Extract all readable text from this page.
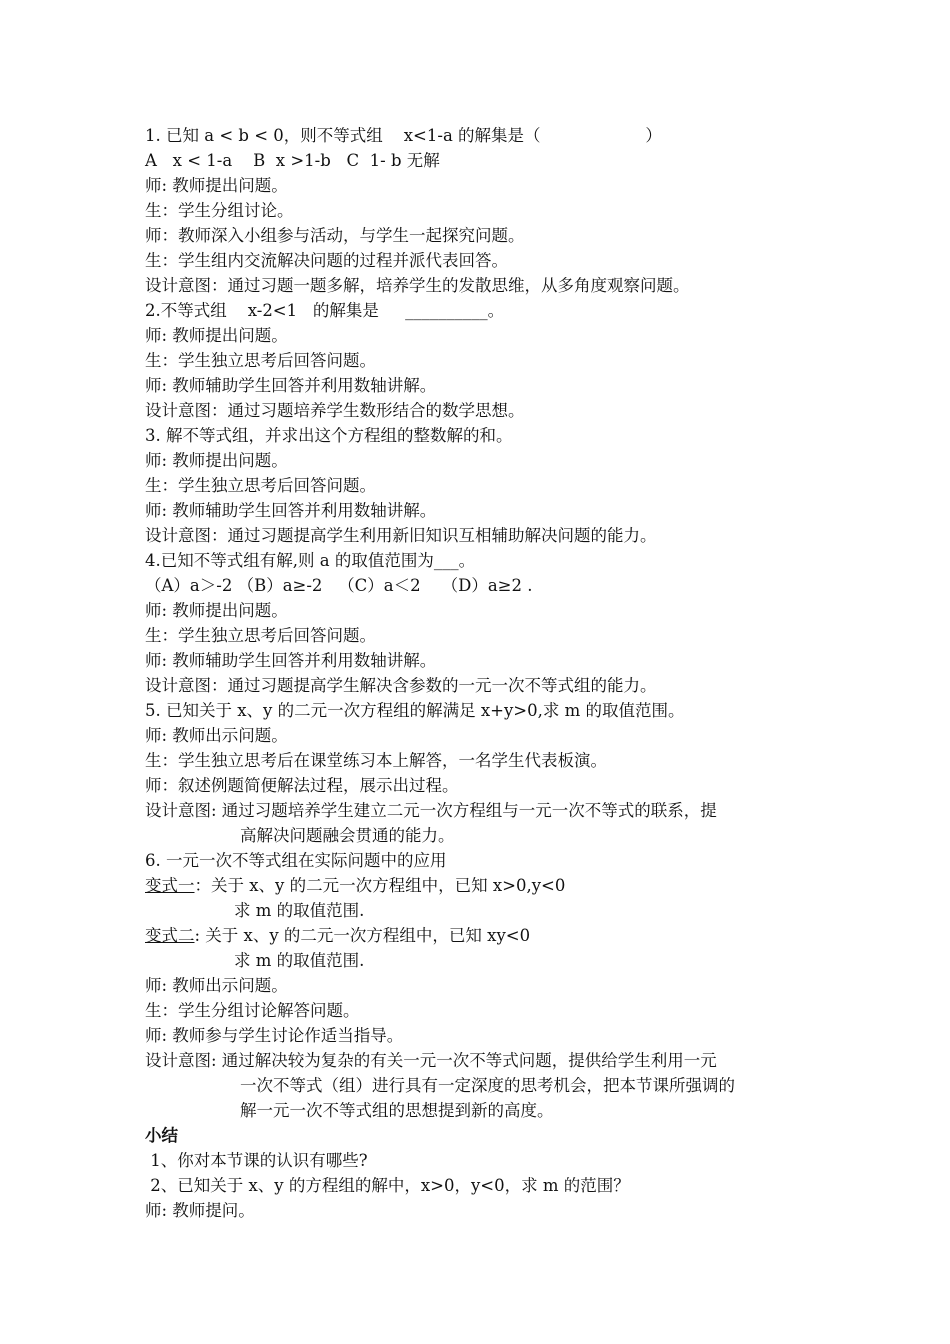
1. 已知 a < b < 0，则不等式组    x<1-a 的解集是（                    ）
A   x < 1-a    B  x >1-b   C  1- b 无解
师: 教师提出问题。
生：学生分组讨论。
师：教师深入小组参与活动，与学生一起探究问题。
生：学生组内交流解决问题的过程并派代表回答。
设计意图：通过习题一题多解，培养学生的发散思维，从多角度观察问题。
2.不等式组    x-2<1   的解集是     __________。
师: 教师提出问题。
生：学生独立思考后回答问题。
师: 教师辅助学生回答并利用数轴讲解。
设计意图：通过习题培养学生数形结合的数学思想。
3. 解不等式组，并求出这个方程组的整数解的和。
师: 教师提出问题。
生：学生独立思考后回答问题。
师: 教师辅助学生回答并利用数轴讲解。
设计意图：通过习题提高学生利用新旧知识互相辅助解决问题的能力。
4.已知不等式组有解,则 a 的取值范围为___。
（A）a＞-2 （B）a≥-2   （C）a＜2    （D）a≥2 .
师: 教师提出问题。
生：学生独立思考后回答问题。
师: 教师辅助学生回答并利用数轴讲解。
设计意图：通过习题提高学生解决含参数的一元一次不等式组的能力。
5. 已知关于 x、y 的二元一次方程组的解满足 x+y>0,求 m 的取值范围。
师: 教师出示问题。
生：学生独立思考后在课堂练习本上解答，一名学生代表板演。
师：叙述例题简便解法过程，展示出过程。
设计意图: 通过习题培养学生建立二元一次方程组与一元一次不等式的联系，提
高解决问题融会贯通的能力。
6. 一元一次不等式组在实际问题中的应用
变式一：关于 x、y 的二元一次方程组中，已知 x>0,y<0
求 m 的取值范围.
变式二: 关于 x、y 的二元一次方程组中，已知 xy<0
求 m 的取值范围.
师: 教师出示问题。
生：学生分组讨论解答问题。
师: 教师参与学生讨论作适当指导。
设计意图: 通过解决较为复杂的有关一元一次不等式问题，提供给学生利用一元
一次不等式（组）进行具有一定深度的思考机会，把本节课所强调的
解一元一次不等式组的思想提到新的高度。
小结
1、你对本节课的认识有哪些?
2、已知关于 x、y 的方程组的解中，x>0，y<0，求 m 的范围？
师: 教师提问。
